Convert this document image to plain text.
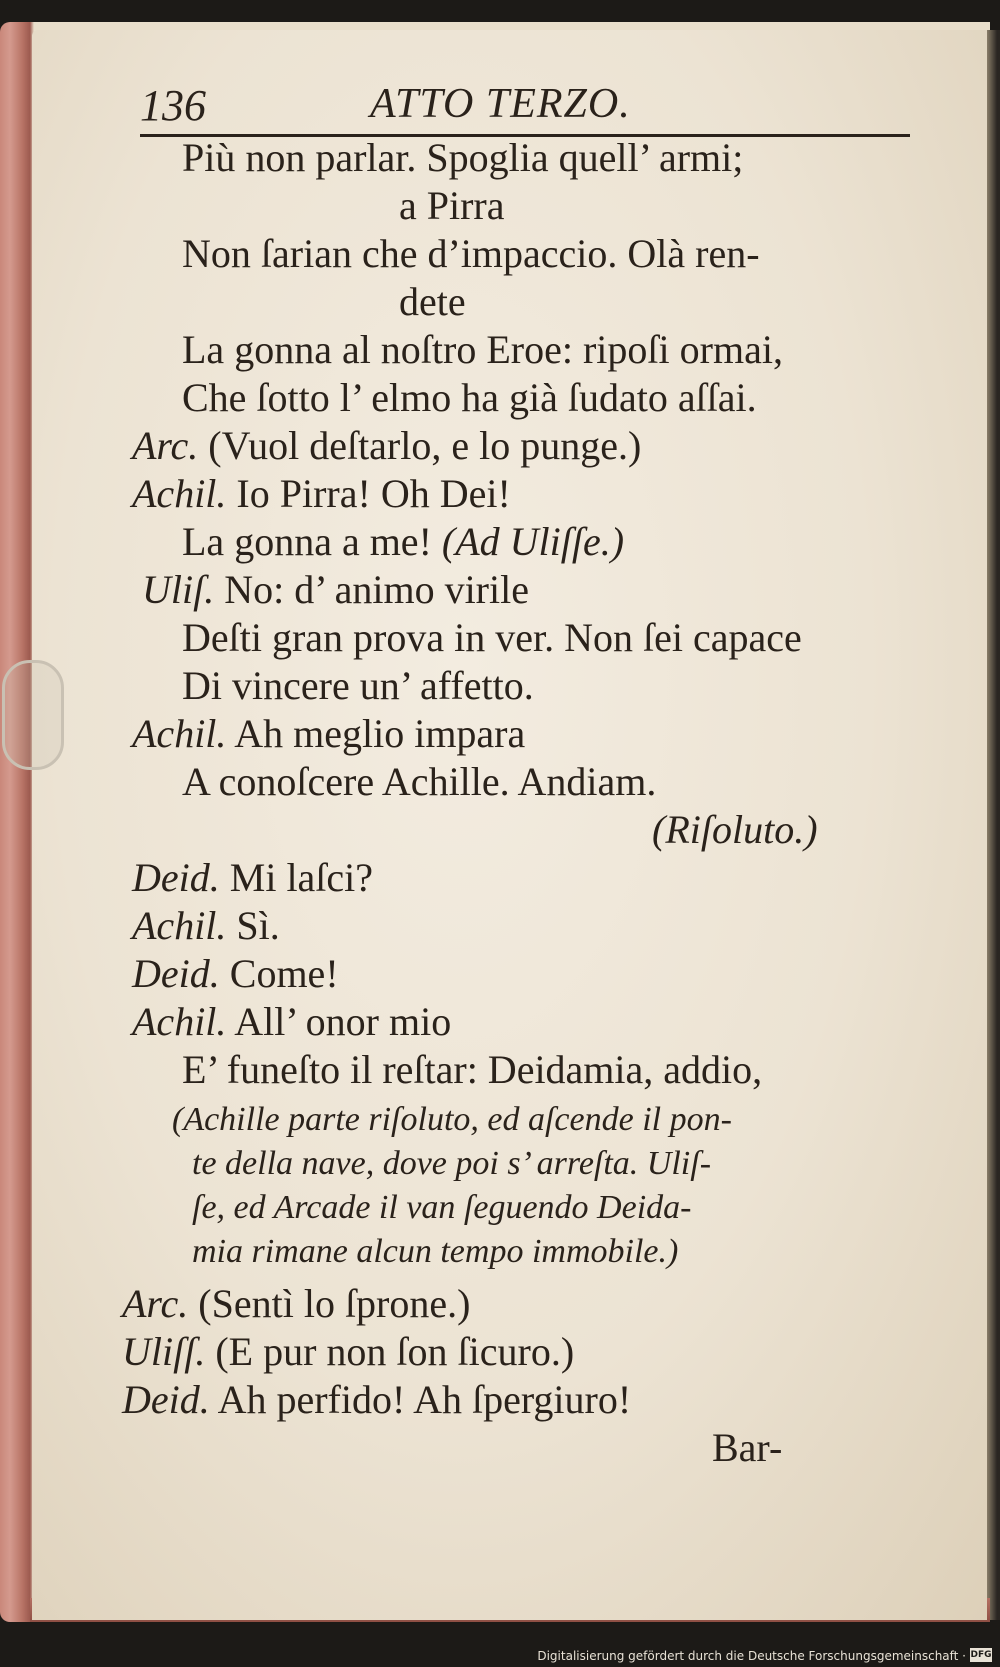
136	ATTO TERZO.
Più non parlar. Spoglia quell’ armi;
a Pirra
Non ſarian che d’impaccio. Olà ren-
dete
La gonna al noſtro Eroe: ripoſi ormai,
Che ſotto l’ elmo ha già ſudato aſſai.
Arc. (Vuol deſtarlo, e lo punge.)
Achil. Io Pirra! Oh Dei!
La gonna a me! (Ad Uliſſe.)
Uliſ. No: d’ animo virile
Deſti gran prova in ver. Non ſei capace
Di vincere un’ affetto.
Achil. Ah meglio impara
A conoſcere Achille. Andiam.
(Riſoluto.)
Deid. Mi laſci?
Achil. Sì.
Deid. Come!
Achil. All’ onor mio
E’ funeſto il reſtar: Deidamia, addio,
(Achille parte riſoluto, ed aſcende il pon-
te della nave, dove poi s’ arreſta. Uliſ-
ſe, ed Arcade il van ſeguendo Deida-
mia rimane alcun tempo immobile.)
Arc. (Sentì lo ſprone.)
Uliſſ. (E pur non ſon ſicuro.)
Deid. Ah perfido! Ah ſpergiuro!
Bar-
Digitalisierung gefördert durch die Deutsche Forschungsgemeinschaft · DFG
